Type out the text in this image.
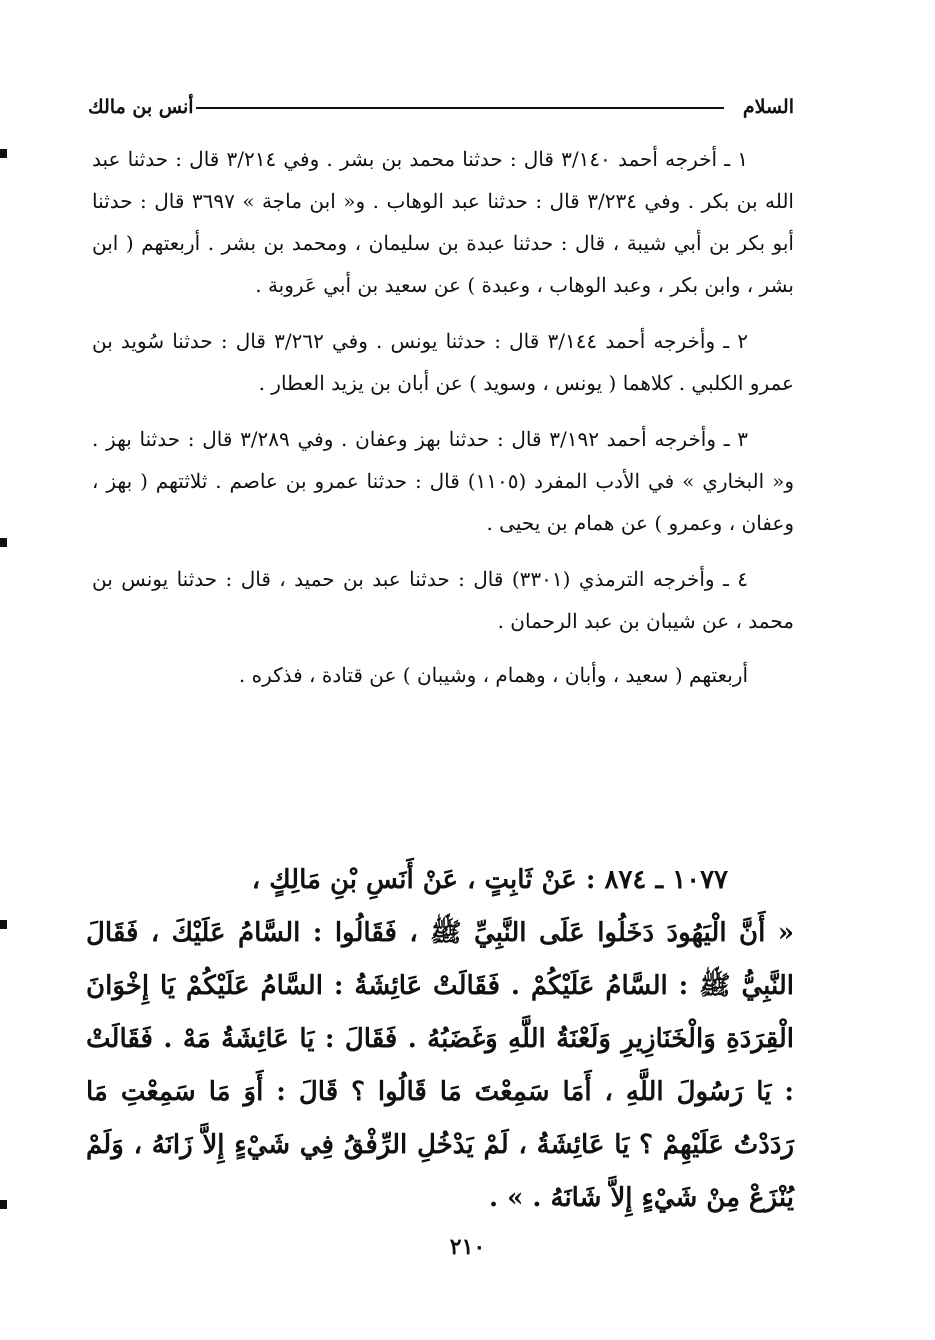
السلام
أنس بن مالك

١ ـ أخرجه أحمد ٣/١٤٠ قال : حدثنا محمد بن بشر . وفي ٣/٢١٤ قال : حدثنا عبد الله بن بكر . وفي ٣/٢٣٤ قال : حدثنا عبد الوهاب . و« ابن ماجة » ٣٦٩٧ قال : حدثنا أبو بكر بن أبي شيبة ، قال : حدثنا عبدة بن سليمان ، ومحمد بن بشر . أربعتهم ( ابن بشر ، وابن بكر ، وعبد الوهاب ، وعبدة ) عن سعيد بن أبي عَروبة .

٢ ـ وأخرجه أحمد ٣/١٤٤ قال : حدثنا يونس . وفي ٣/٢٦٢ قال : حدثنا سُويد بن عمرو الكلبي . كلاهما ( يونس ، وسويد ) عن أبان بن يزيد العطار .

٣ ـ وأخرجه أحمد ٣/١٩٢ قال : حدثنا بهز وعفان . وفي ٣/٢٨٩ قال : حدثنا بهز . و« البخاري » في الأدب المفرد (١١٠٥) قال : حدثنا عمرو بن عاصم . ثلاثتهم ( بهز ، وعفان ، وعمرو ) عن همام بن يحيى .

٤ ـ وأخرجه الترمذي (٣٣٠١) قال : حدثنا عبد بن حميد ، قال : حدثنا يونس بن محمد ، عن شيبان بن عبد الرحمان .

أربعتهم ( سعيد ، وأبان ، وهمام ، وشيبان ) عن قتادة ، فذكره .

١٠٧٧ ـ ٨٧٤ : عَنْ ثَابِتٍ ، عَنْ أَنَسِ بْنِ مَالِكٍ ،
« أَنَّ الْيَهُودَ دَخَلُوا عَلَى النَّبِيِّ ﷺ ، فَقَالُوا : السَّامُ عَلَيْكَ ، فَقَالَ النَّبِيُّ ﷺ : السَّامُ عَلَيْكُمْ . فَقَالَتْ عَائِشَةُ : السَّامُ عَلَيْكُمْ يَا إِخْوَانَ الْقِرَدَةِ وَالْخَنَازِيرِ وَلَعْنَةُ اللَّهِ وَغَضَبُهُ . فَقَالَ : يَا عَائِشَةُ مَهْ . فَقَالَتْ : يَا رَسُولَ اللَّهِ ، أَمَا سَمِعْتَ مَا قَالُوا ؟ قَالَ : أَوَ مَا سَمِعْتِ مَا رَدَدْتُ عَلَيْهِمْ ؟ يَا عَائِشَةُ ، لَمْ يَدْخُلِ الرِّفْقُ فِي شَيْءٍ إِلاَّ زَانَهُ ، وَلَمْ يُنْزَعْ مِنْ شَيْءٍ إِلاَّ شَانَهُ . » .
٢١٠
